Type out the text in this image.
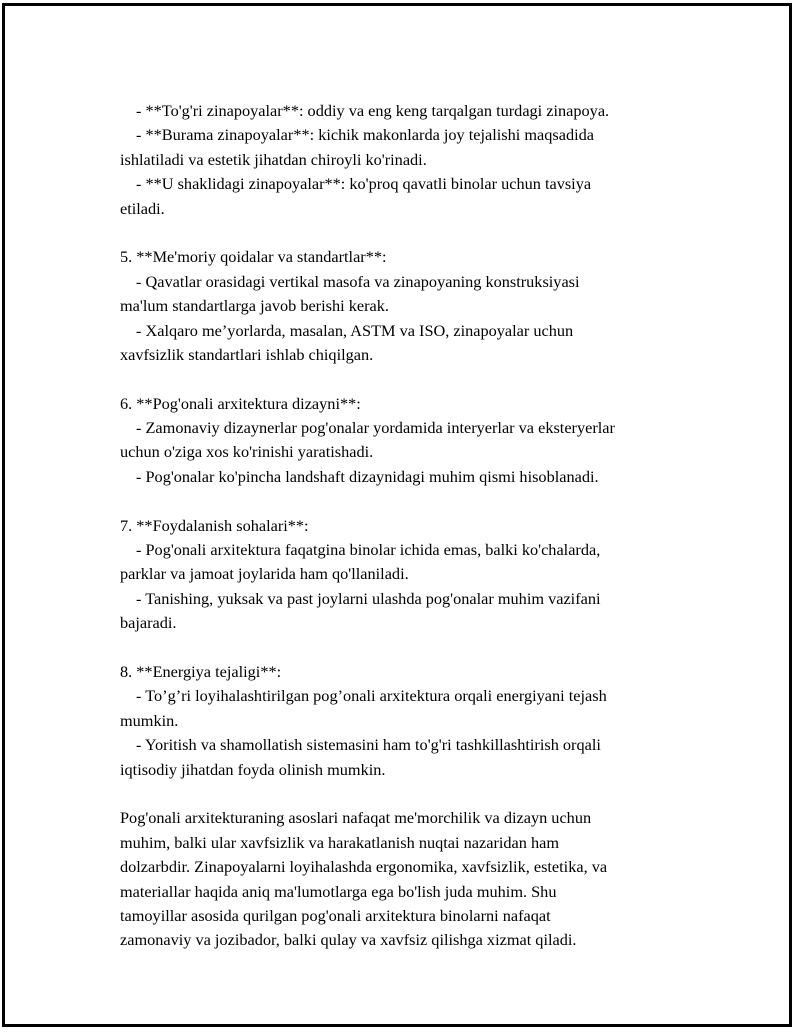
- **To'g'ri zinapoyalar**: oddiy va eng keng tarqalgan turdagi zinapoya.
- **Burama zinapoyalar**: kichik makonlarda joy tejalishi maqsadida
ishlatiladi va estetik jihatdan chiroyli ko'rinadi.
- **U shaklidagi zinapoyalar**: ko'proq qavatli binolar uchun tavsiya
etiladi.
5. **Me'moriy qoidalar va standartlar**:
- Qavatlar orasidagi vertikal masofa va zinapoyaning konstruksiyasi
ma'lum standartlarga javob berishi kerak.
- Xalqaro me’yorlarda, masalan, ASTM va ISO, zinapoyalar uchun
xavfsizlik standartlari ishlab chiqilgan.
6. **Pog'onali arxitektura dizayni**:
- Zamonaviy dizaynerlar pog'onalar yordamida interyerlar va eksteryerlar
uchun o'ziga xos ko'rinishi yaratishadi.
- Pog'onalar ko'pincha landshaft dizaynidagi muhim qismi hisoblanadi.
7. **Foydalanish sohalari**:
- Pog'onali arxitektura faqatgina binolar ichida emas, balki ko'chalarda,
parklar va jamoat joylarida ham qo'llaniladi.
- Tanishing, yuksak va past joylarni ulashda pog'onalar muhim vazifani
bajaradi.
8. **Energiya tejaligi**:
- To’g’ri loyihalashtirilgan pog’onali arxitektura orqali energiyani tejash
mumkin.
- Yoritish va shamollatish sistemasini ham to'g'ri tashkillashtirish orqali
iqtisodiy jihatdan foyda olinish mumkin.
Pog'onali arxitekturaning asoslari nafaqat me'morchilik va dizayn uchun
muhim, balki ular xavfsizlik va harakatlanish nuqtai nazaridan ham
dolzarbdir. Zinapoyalarni loyihalashda ergonomika, xavfsizlik, estetika, va
materiallar haqida aniq ma'lumotlarga ega bo'lish juda muhim. Shu
tamoyillar asosida qurilgan pog'onali arxitektura binolarni nafaqat
zamonaviy va jozibador, balki qulay va xavfsiz qilishga xizmat qiladi.
